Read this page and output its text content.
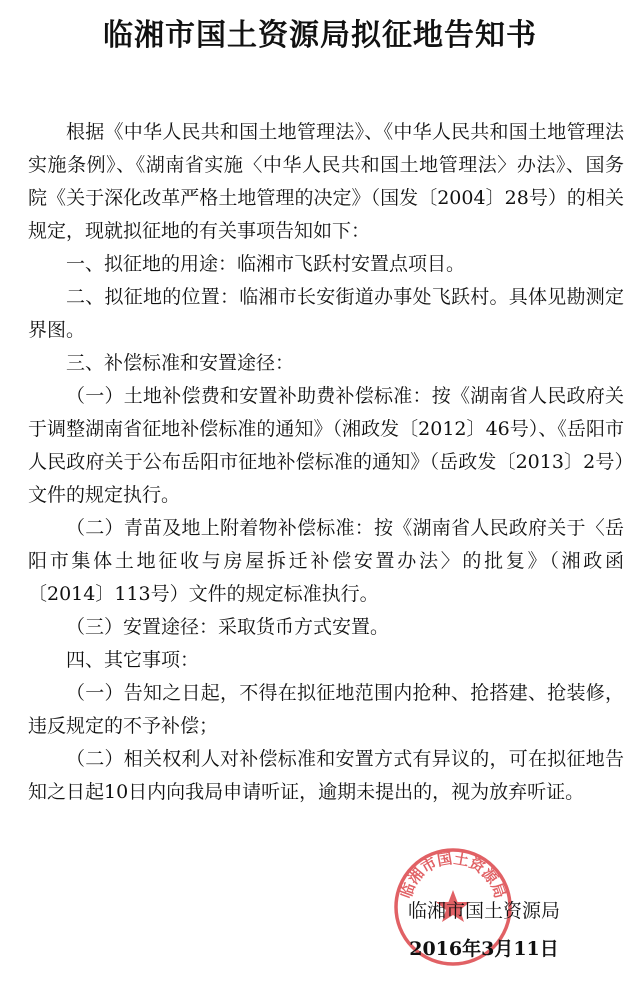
临湘市国土资源局拟征地告知书

根据《中华人民共和国土地管理法》、《中华人民共和国土地管理法实施条例》、《湖南省实施〈中华人民共和国土地管理法〉办法》、国务院《关于深化改革严格土地管理的决定》（国发〔2004〕28号）的相关规定，现就拟征地的有关事项告知如下：

一、拟征地的用途：临湘市飞跃村安置点项目。

二、拟征地的位置：临湘市长安街道办事处飞跃村。具体见勘测定界图。

三、补偿标准和安置途径：

（一）土地补偿费和安置补助费补偿标准：按《湖南省人民政府关于调整湖南省征地补偿标准的通知》（湘政发〔2012〕46号）、《岳阳市人民政府关于公布岳阳市征地补偿标准的通知》（岳政发〔2013〕2号）文件的规定执行。

（二）青苗及地上附着物补偿标准：按《湖南省人民政府关于〈岳阳市集体土地征收与房屋拆迁补偿安置办法〉的批复》（湘政函〔2014〕113号）文件的规定标准执行。

（三）安置途径：采取货币方式安置。

四、其它事项：

（一）告知之日起，不得在拟征地范围内抢种、抢搭建、抢装修，违反规定的不予补偿；

（二）相关权利人对补偿标准和安置方式有异议的，可在拟征地告知之日起10日内向我局申请听证，逾期未提出的，视为放弃听证。

临湘市国土资源局
临湘市国土资源局
2016年3月11日
